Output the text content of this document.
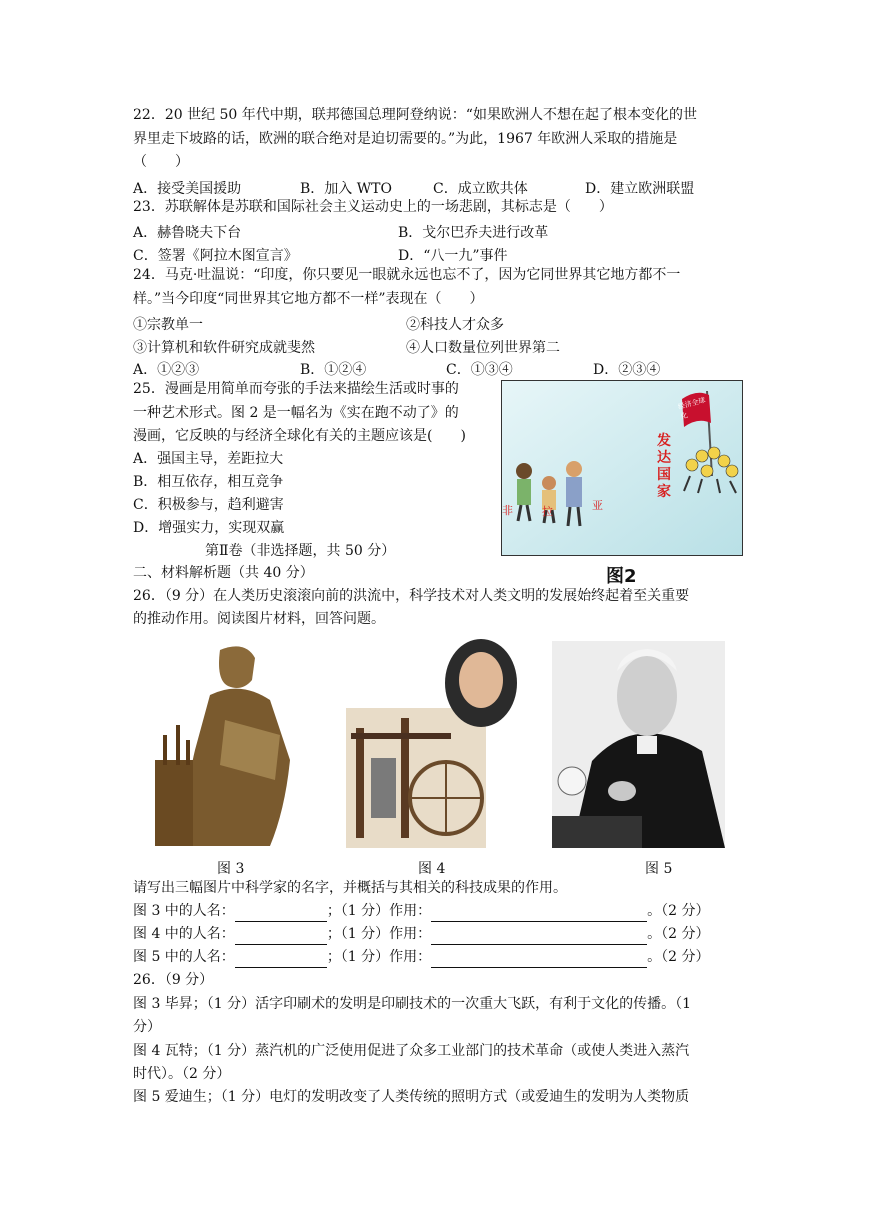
22．20 世纪 50 年代中期，联邦德国总理阿登纳说：“如果欧洲人不想在起了根本变化的世
界里走下坡路的话，欧洲的联合绝对是迫切需要的。”为此，1967 年欧洲人采取的措施是
（　　）
A．接受美国援助	B．加入 WTO	C．成立欧共体	D．建立欧洲联盟
23．苏联解体是苏联和国际社会主义运动史上的一场悲剧，其标志是（　　）
A．赫鲁晓夫下台	B．戈尔巴乔夫进行改革
C．签署《阿拉木图宣言》	D．“八一九”事件
24．马克·吐温说：“印度，你只要见一眼就永远也忘不了，因为它同世界其它地方都不一
样。”当今印度“同世界其它地方都不一样”表现在（　　）
①宗教单一	②科技人才众多
③计算机和软件研究成就斐然	④人口数量位列世界第二
A．①②③	B．①②④	C．①③④	D．②③④
25．漫画是用简单而夸张的手法来描绘生活或时事的
一种艺术形式。图 2 是一幅名为《实在跑不动了》的
漫画，它反映的与经济全球化有关的主题应该是(　　)
A．强国主导，差距拉大
B．相互依存，相互竞争
C．积极参与，趋利避害
D．增强实力，实现双赢
经济全球化
发
达
国
家
非	拉	亚
图2
第Ⅱ卷（非选择题，共 50 分）
二、材料解析题（共 40 分）
26．（9 分）在人类历史滚滚向前的洪流中，科学技术对人类文明的发展始终起着至关重要
的推动作用。阅读图片材料，回答问题。
图 3	图 4	图 5
请写出三幅图片中科学家的名字，并概括与其相关的科技成果的作用。
图 3 中的人名：	；（1 分）作用：	。（2 分）
图 4 中的人名：	；（1 分）作用：	。（2 分）
图 5 中的人名：	；（1 分）作用：	。（2 分）
26．（9 分）
图 3 毕昇；（1 分）活字印刷术的发明是印刷技术的一次重大飞跃，有利于文化的传播。（1
分）
图 4 瓦特；（1 分）蒸汽机的广泛使用促进了众多工业部门的技术革命（或使人类进入蒸汽
时代）。（2 分）
图 5 爱迪生；（1 分）电灯的发明改变了人类传统的照明方式（或爱迪生的发明为人类物质
